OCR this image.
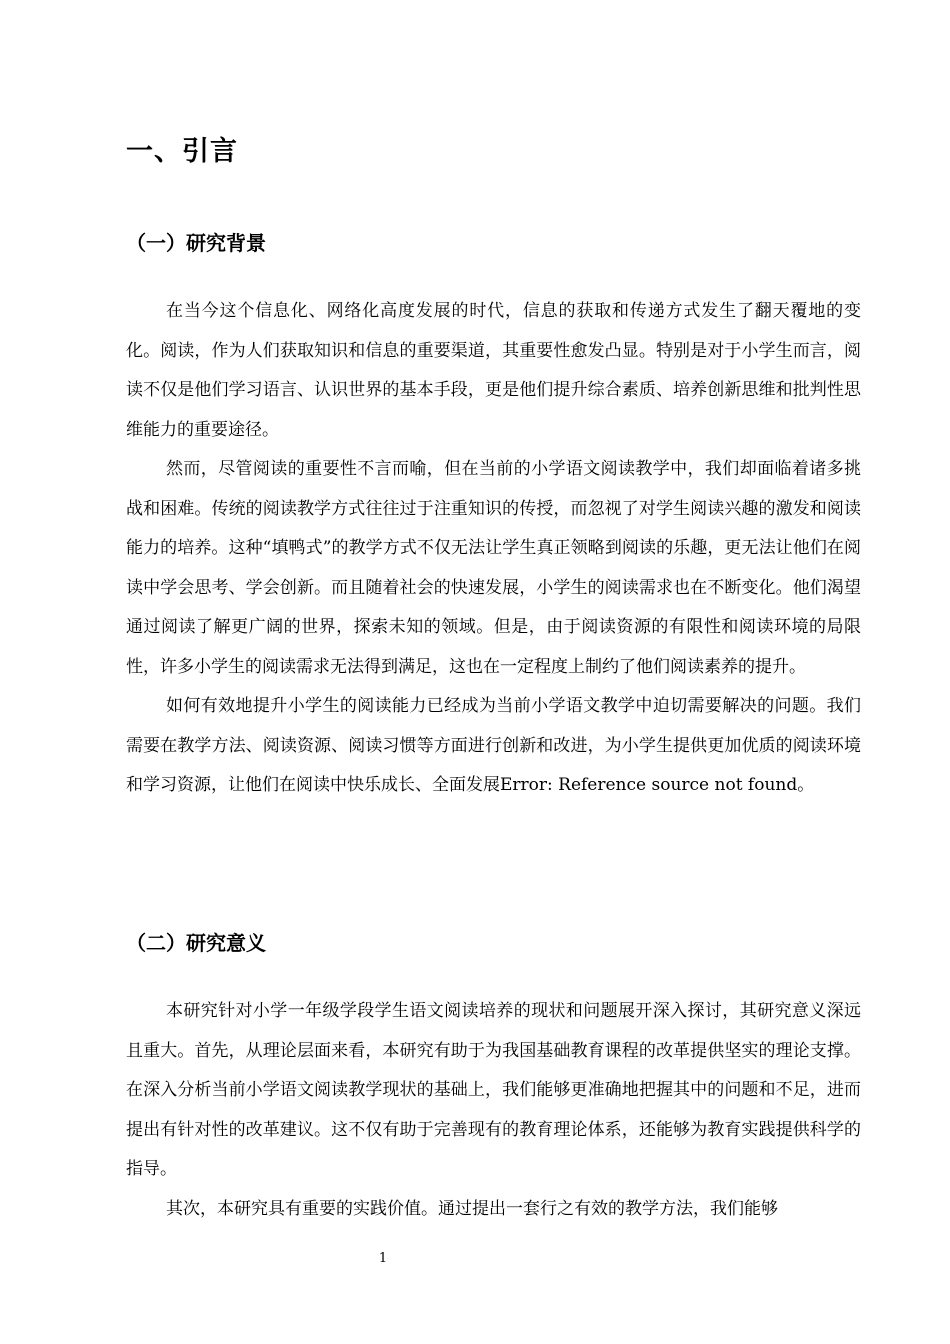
一、引言
（一）研究背景

在当今这个信息化、网络化高度发展的时代，信息的获取和传递方式发生了翻天覆地的变化。阅读，作为人们获取知识和信息的重要渠道，其重要性愈发凸显。特别是对于小学生而言，阅读不仅是他们学习语言、认识世界的基本手段，更是他们提升综合素质、培养创新思维和批判性思维能力的重要途径。

然而，尽管阅读的重要性不言而喻，但在当前的小学语文阅读教学中，我们却面临着诸多挑战和困难。传统的阅读教学方式往往过于注重知识的传授，而忽视了对学生阅读兴趣的激发和阅读能力的培养。这种“填鸭式”的教学方式不仅无法让学生真正领略到阅读的乐趣，更无法让他们在阅读中学会思考、学会创新。而且随着社会的快速发展，小学生的阅读需求也在不断变化。他们渴望通过阅读了解更广阔的世界，探索未知的领域。但是，由于阅读资源的有限性和阅读环境的局限性，许多小学生的阅读需求无法得到满足，这也在一定程度上制约了他们阅读素养的提升。

如何有效地提升小学生的阅读能力已经成为当前小学语文教学中迫切需要解决的问题。我们需要在教学方法、阅读资源、阅读习惯等方面进行创新和改进，为小学生提供更加优质的阅读环境和学习资源，让他们在阅读中快乐成长、全面发展Error: Reference source not found。

（二）研究意义

本研究针对小学一年级学段学生语文阅读培养的现状和问题展开深入探讨，其研究意义深远且重大。首先，从理论层面来看，本研究有助于为我国基础教育课程的改革提供坚实的理论支撑。在深入分析当前小学语文阅读教学现状的基础上，我们能够更准确地把握其中的问题和不足，进而提出有针对性的改革建议。这不仅有助于完善现有的教育理论体系，还能够为教育实践提供科学的指导。

其次，本研究具有重要的实践价值。通过提出一套行之有效的教学方法，我们能够

1
